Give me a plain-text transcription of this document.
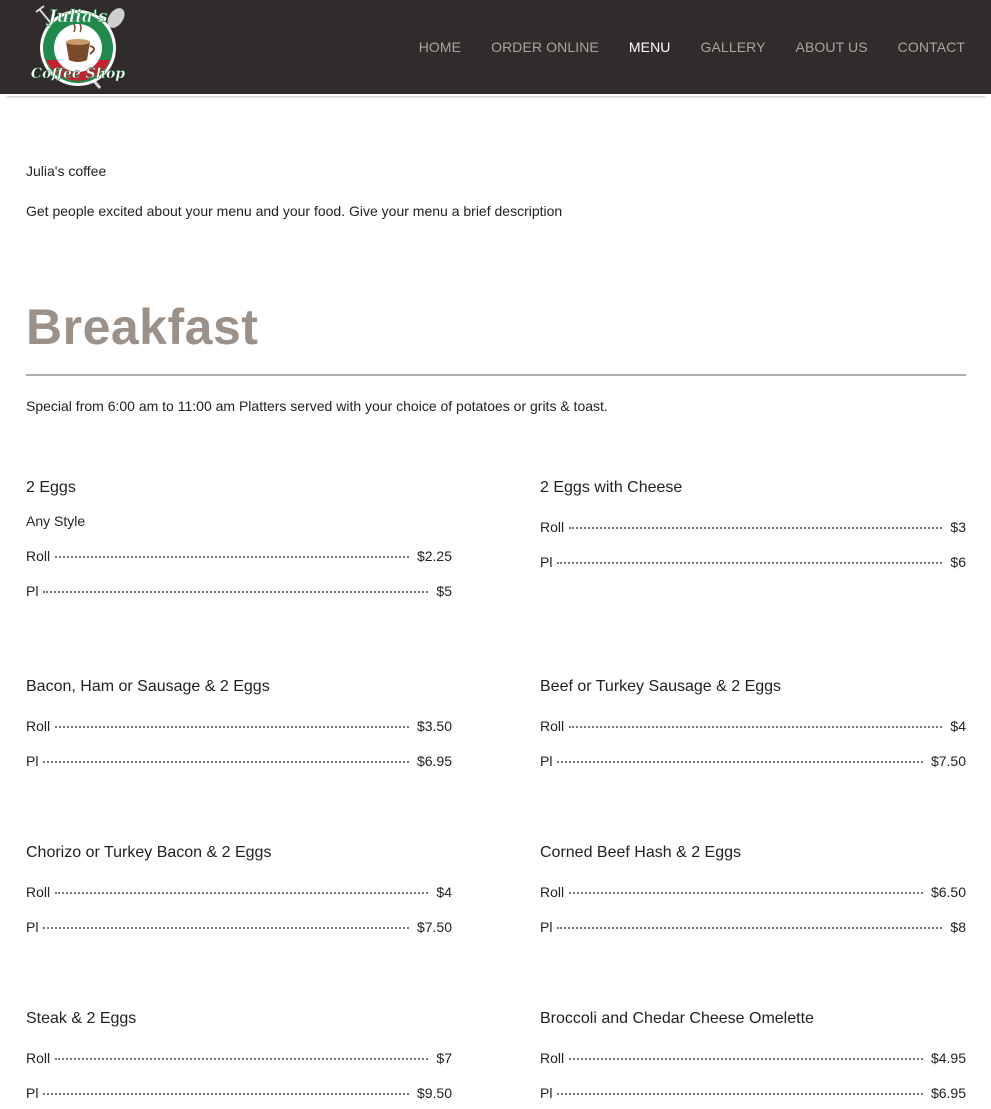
Julia's
Coffee Shop
HOME ORDER ONLINE MENU GALLERY ABOUT US CONTACT
Julia's coffee
Get people excited about your menu and your food. Give your menu a brief description
Breakfast
Special from 6:00 am to 11:00 am Platters served with your choice of potatoes or grits & toast.
2 Eggs
Any Style
Roll	$2.25
Pl	$5
2 Eggs with Cheese
Roll	$3
Pl	$6
Bacon, Ham or Sausage & 2 Eggs
Roll	$3.50
Pl	$6.95
Beef or Turkey Sausage & 2 Eggs
Roll	$4
Pl	$7.50
Chorizo or Turkey Bacon & 2 Eggs
Roll	$4
Pl	$7.50
Corned Beef Hash & 2 Eggs
Roll	$6.50
Pl	$8
Steak & 2 Eggs
Roll	$7
Pl	$9.50
Broccoli and Chedar Cheese Omelette
Roll	$4.95
Pl	$6.95
